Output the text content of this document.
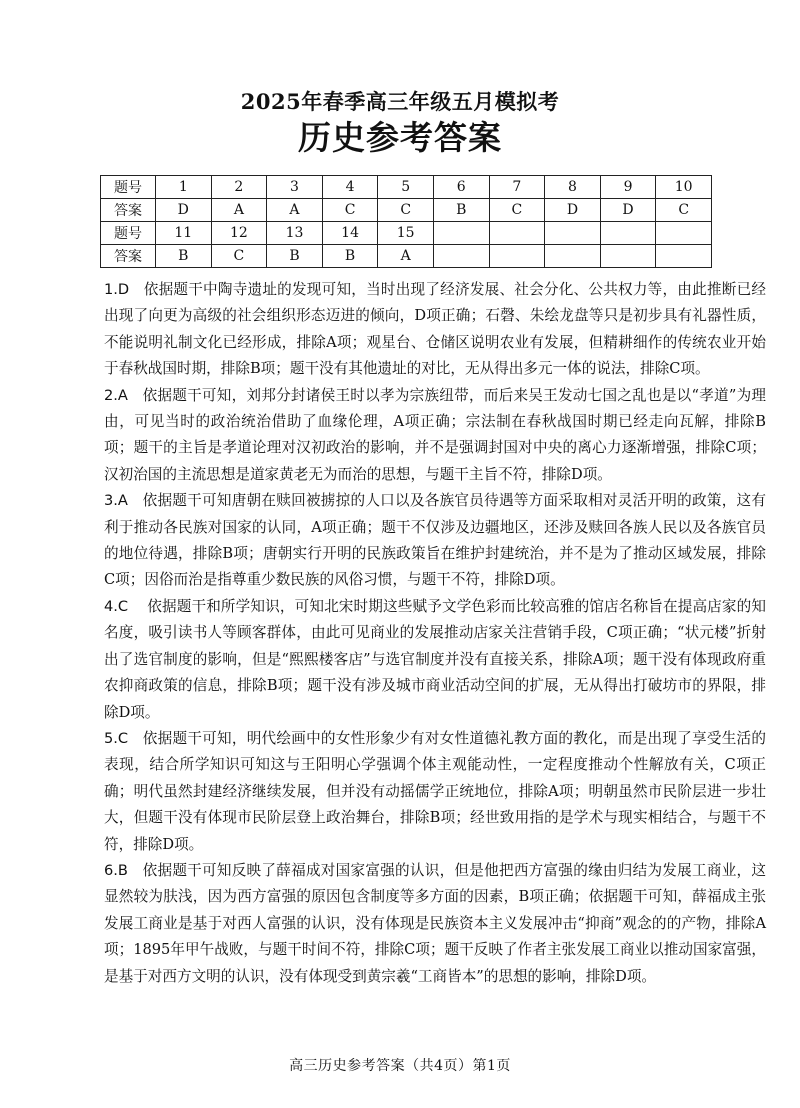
2025年春季高三年级五月模拟考
历史参考答案
题号	1	2	3	4	5	6	7	8	9	10
答案	D	A	A	C	C	B	C	D	D	C
题号	11	12	13	14	15					
答案	B	C	B	B	A					

1.D 依据题干中陶寺遗址的发现可知，当时出现了经济发展、社会分化、公共权力等，由此推断已经出现了向更为高级的社会组织形态迈进的倾向，D项正确；石磬、朱绘龙盘等只是初步具有礼器性质，不能说明礼制文化已经形成，排除A项；观星台、仓储区说明农业有发展，但精耕细作的传统农业开始于春秋战国时期，排除B项；题干没有其他遗址的对比，无从得出多元一体的说法，排除C项。

2.A 依据题干可知，刘邦分封诸侯王时以孝为宗族纽带，而后来吴王发动七国之乱也是以“孝道”为理由，可见当时的政治统治借助了血缘伦理，A项正确；宗法制在春秋战国时期已经走向瓦解，排除B项；题干的主旨是孝道论理对汉初政治的影响，并不是强调封国对中央的离心力逐渐增强，排除C项；汉初治国的主流思想是道家黄老无为而治的思想，与题干主旨不符，排除D项。

3.A 依据题干可知唐朝在赎回被掳掠的人口以及各族官员待遇等方面采取相对灵活开明的政策，这有利于推动各民族对国家的认同，A项正确；题干不仅涉及边疆地区，还涉及赎回各族人民以及各族官员的地位待遇，排除B项；唐朝实行开明的民族政策旨在维护封建统治，并不是为了推动区域发展，排除C项；因俗而治是指尊重少数民族的风俗习惯，与题干不符，排除D项。

4.C 依据题干和所学知识，可知北宋时期这些赋予文学色彩而比较高雅的馆店名称旨在提高店家的知名度，吸引读书人等顾客群体，由此可见商业的发展推动店家关注营销手段，C项正确；“状元楼”折射出了选官制度的影响，但是“熙熙楼客店”与选官制度并没有直接关系，排除A项；题干没有体现政府重农抑商政策的信息，排除B项；题干没有涉及城市商业活动空间的扩展，无从得出打破坊市的界限，排除D项。

5.C 依据题干可知，明代绘画中的女性形象少有对女性道德礼教方面的教化，而是出现了享受生活的表现，结合所学知识可知这与王阳明心学强调个体主观能动性，一定程度推动个性解放有关，C项正确；明代虽然封建经济继续发展，但并没有动摇儒学正统地位，排除A项；明朝虽然市民阶层进一步壮大，但题干没有体现市民阶层登上政治舞台，排除B项；经世致用指的是学术与现实相结合，与题干不符，排除D项。

6.B 依据题干可知反映了薛福成对国家富强的认识，但是他把西方富强的缘由归结为发展工商业，这显然较为肤浅，因为西方富强的原因包含制度等多方面的因素，B项正确；依据题干可知，薛福成主张发展工商业是基于对西人富强的认识，没有体现是民族资本主义发展冲击“抑商”观念的的产物，排除A项；1895年甲午战败，与题干时间不符，排除C项；题干反映了作者主张发展工商业以推动国家富强，是基于对西方文明的认识，没有体现受到黄宗羲“工商皆本”的思想的影响，排除D项。

高三历史参考答案（共4页）第1页
